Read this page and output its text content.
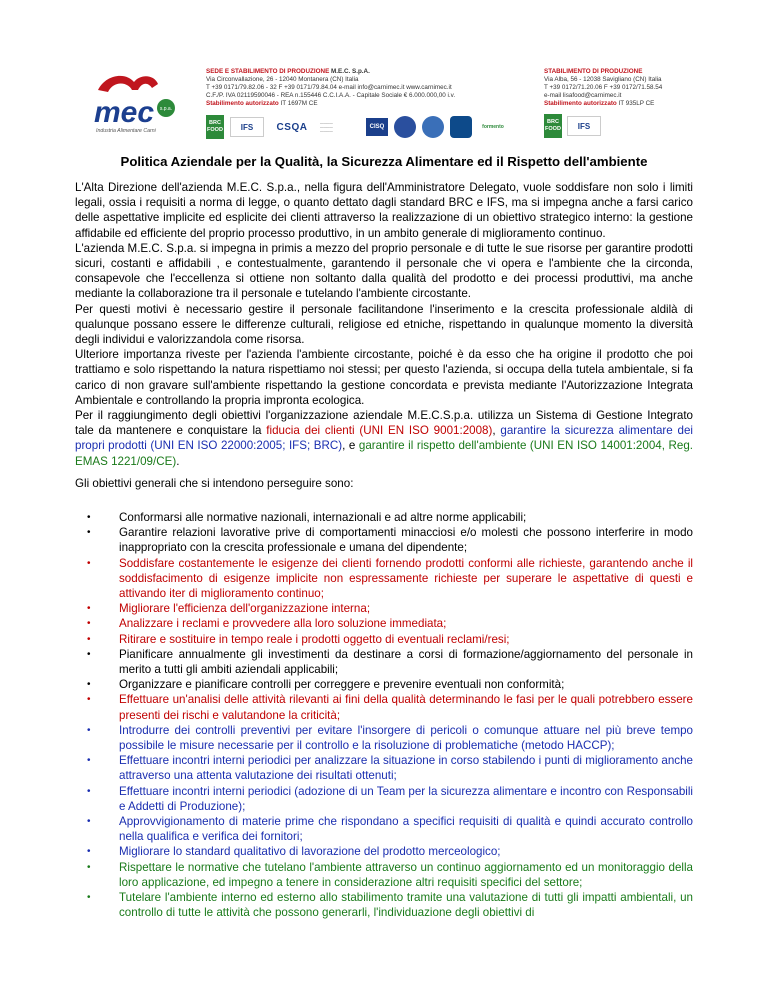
mec s.p.a.
Industria Alimentare Carni
SEDE E STABILIMENTO DI PRODUZIONE M.E.C. S.p.A.
Via Circonvallazione, 26 - 12040 Montanera (CN) Italia
T +39 0171/79.82.06 - 32 F +39 0171/79.84.04 e-mail info@carnimec.it www.carnimec.it
C.F./P. IVA 02119590046 - REA n.155446 C.C.I.A.A. - Capitale Sociale € 6.000.000,00 i.v.
Stabilimento autorizzato IT 1697M CE
BRC FOOD IFS CSQA	————
————
————
CISQ	formento
STABILIMENTO DI PRODUZIONE
Via Alba, 56 - 12038 Savigliano (CN) Italia
T +39 0172/71.20.06 F +39 0172/71.58.54
e-mail lisafood@carnimec.it
Stabilimento autorizzato IT 935LP CE
BRC FOOD IFS
Politica Aziendale per la Qualità, la Sicurezza Alimentare ed il Rispetto dell'ambiente
L'Alta Direzione dell'azienda M.E.C. S.p.a., nella figura dell'Amministratore Delegato, vuole soddisfare non solo i limiti legali, ossia i requisiti a norma di legge, o quanto dettato dagli standard BRC e IFS, ma si impegna anche a farsi carico delle aspettative implicite ed esplicite dei clienti attraverso la realizzazione di un obiettivo strategico interno: la gestione affidabile ed efficiente del proprio processo produttivo, in un ambito generale di miglioramento continuo.
L'azienda M.E.C. S.p.a. si impegna in primis a mezzo del proprio personale e di tutte le sue risorse per garantire prodotti sicuri, costanti e affidabili , e contestualmente, garantendo il personale che vi opera e l'ambiente che la circonda, consapevole che l'eccellenza si ottiene non soltanto dalla qualità del prodotto e dei processi produttivi, ma anche mediante la collaborazione tra il personale e tutelando l'ambiente circostante.
Per questi motivi è necessario gestire il personale facilitandone l'inserimento e la crescita professionale aldilà di qualunque possano essere le differenze culturali, religiose ed etniche, rispettando in qualunque momento la diversità degli individui e valorizzandola come risorsa.
Ulteriore importanza riveste per l'azienda l'ambiente circostante, poiché è da esso che ha origine il prodotto che poi trattiamo e solo rispettando la natura rispettiamo noi stessi; per questo l'azienda, si occupa della tutela ambientale, si fa carico di non gravare sull'ambiente rispettando la gestione concordata e prevista mediante l'Autorizzazione Integrata Ambientale e controllando la propria impronta ecologica.
Per il raggiungimento degli obiettivi l'organizzazione aziendale M.E.C.S.p.a. utilizza un Sistema di Gestione Integrato tale da mantenere e conquistare la fiducia dei clienti (UNI EN ISO 9001:2008), garantire la sicurezza alimentare dei propri prodotti (UNI EN ISO 22000:2005; IFS; BRC), e garantire il rispetto dell'ambiente (UNI EN ISO 14001:2004, Reg. EMAS 1221/09/CE).
Gli obiettivi generali che si intendono perseguire sono:
• Conformarsi alle normative nazionali, internazionali e ad altre norme applicabili;
• Garantire relazioni lavorative prive di comportamenti minacciosi e/o molesti che possono interferire in modo inappropriato con la crescita professionale e umana del dipendente;
• Soddisfare costantemente le esigenze dei clienti fornendo prodotti conformi alle richieste, garantendo anche il soddisfacimento di esigenze implicite non espressamente richieste per superare le aspettative di questi e attivando iter di miglioramento continuo;
• Migliorare l'efficienza dell'organizzazione interna;
• Analizzare i reclami e provvedere alla loro soluzione immediata;
• Ritirare e sostituire in tempo reale i prodotti oggetto di eventuali reclami/resi;
• Pianificare annualmente gli investimenti da destinare a corsi di formazione/aggiornamento del personale in merito a tutti gli ambiti aziendali applicabili;
• Organizzare e pianificare controlli per correggere e prevenire eventuali non conformità;
• Effettuare un'analisi delle attività rilevanti ai fini della qualità determinando le fasi per le quali potrebbero essere presenti dei rischi e valutandone la criticità;
• Introdurre dei controlli preventivi per evitare l'insorgere di pericoli o comunque attuare nel più breve tempo possibile le misure necessarie per il controllo e la risoluzione di problematiche (metodo HACCP);
• Effettuare incontri interni periodici per analizzare la situazione in corso stabilendo i punti di miglioramento anche attraverso una attenta valutazione dei risultati ottenuti;
• Effettuare incontri interni periodici (adozione di un Team per la sicurezza alimentare e incontro con Responsabili e Addetti di Produzione);
• Approvvigionamento di materie prime che rispondano a specifici requisiti di qualità e quindi accurato controllo nella qualifica e verifica dei fornitori;
• Migliorare lo standard qualitativo di lavorazione del prodotto merceologico;
• Rispettare le normative che tutelano l'ambiente attraverso un continuo aggiornamento ed un monitoraggio della loro applicazione, ed impegno a tenere in considerazione altri requisiti specifici del settore;
• Tutelare l'ambiente interno ed esterno allo stabilimento tramite una valutazione di tutti gli impatti ambientali, un controllo di tutte le attività che possono generarli, l'individuazione degli obiettivi di
